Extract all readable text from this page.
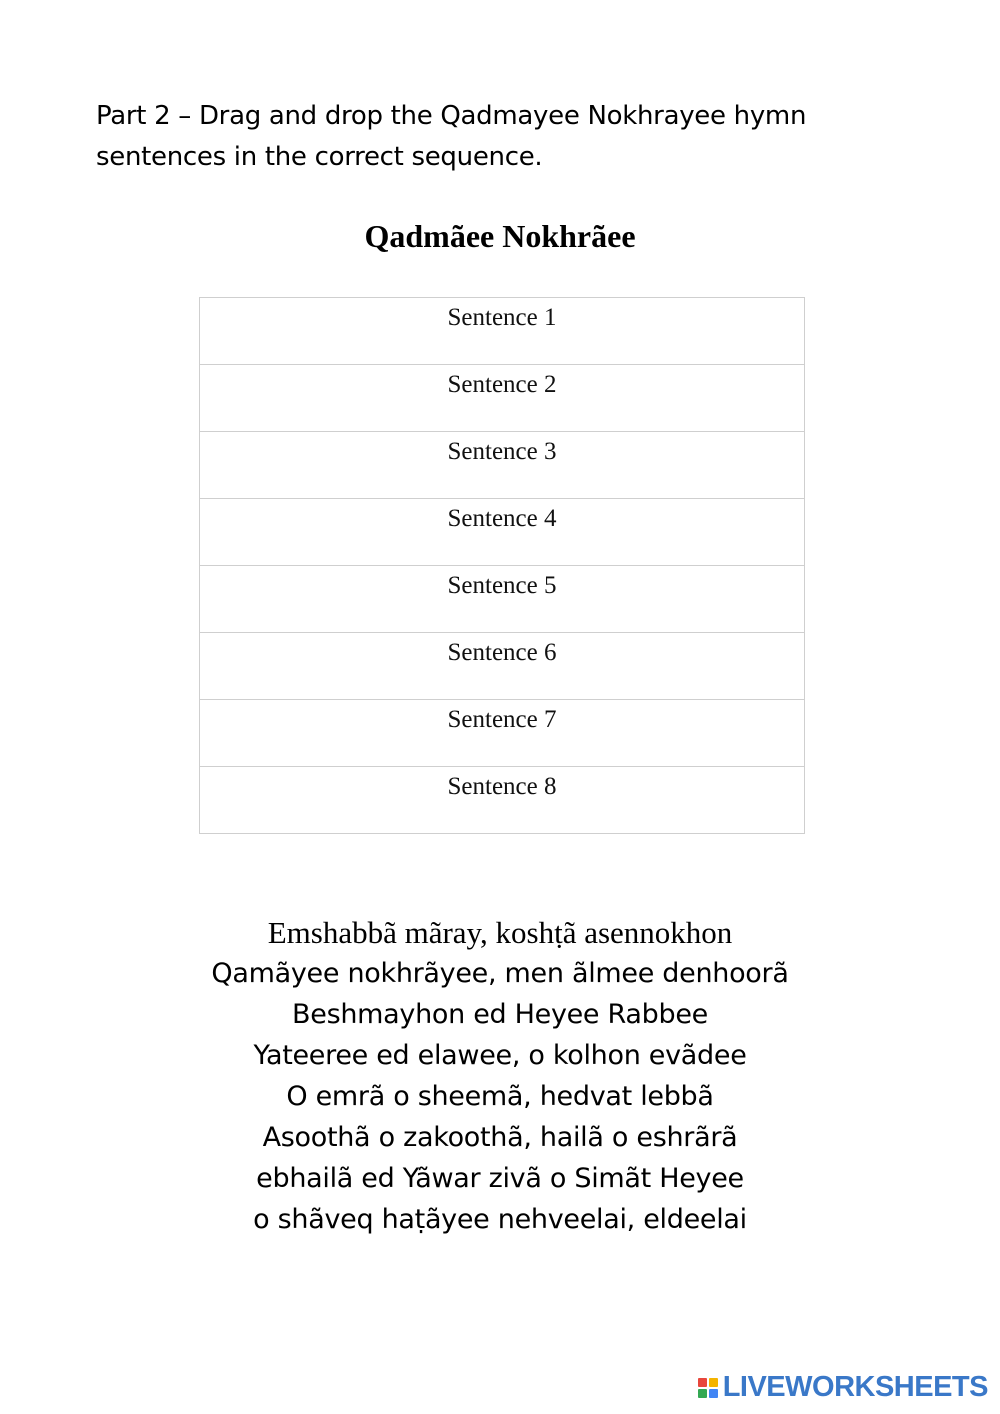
Part 2 – Drag and drop the Qadmayee Nokhrayee hymn sentences in the correct sequence.

Qadmãee Nokhrãee
Sentence 1
Sentence 2
Sentence 3
Sentence 4
Sentence 5
Sentence 6
Sentence 7
Sentence 8
Emshabbã mãray, koshṭã asennokhon
Qamãyee nokhrãyee, men ãlmee denhoorã
Beshmayhon ed Heyee Rabbee
Yateeree ed elawee, o kolhon evãdee
O emrã o sheemã, hedvat lebbã
Asoothã o zakoothã, hailã o eshrãrã
ebhailã ed Yãwar zivã o Simãt Heyee
o shãveq haṭãyee nehveelai, eldeelai
LIVEWORKSHEETS
